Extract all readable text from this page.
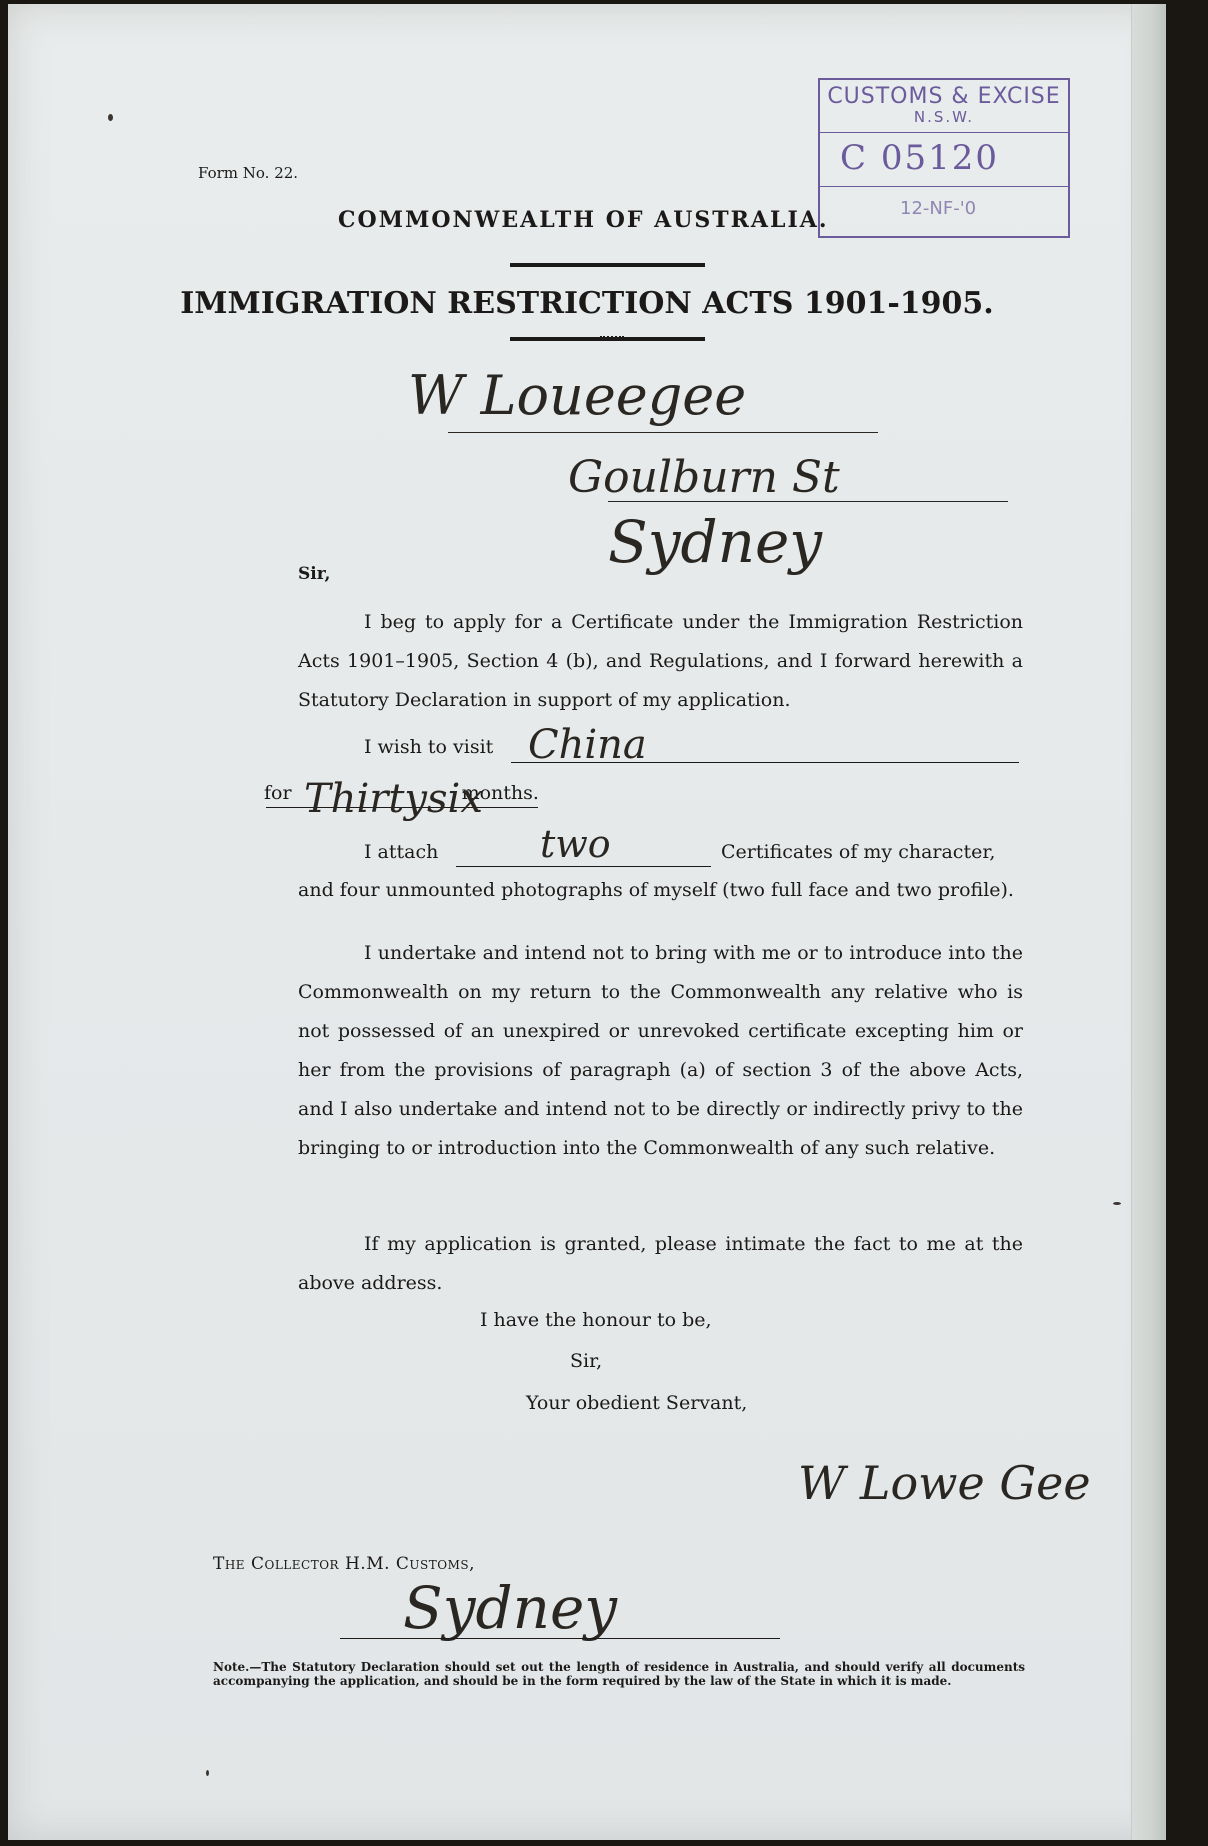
Form No. 22.
COMMONWEALTH OF AUSTRALIA.
CUSTOMS & EXCISE
N.S.W.
C 05120
12-NF-'0
IMMIGRATION RESTRICTION ACTS 1901-1905.
W Loueegee
Goulburn St
Sydney
Sir,
I beg to apply for a Certificate under the Immigration Restriction Acts 1901–1905, Section 4 (b), and Regulations, and I forward herewith a Statutory Declaration in support of my application.
I wish to visit China
for	months.
Thirtysix
I attach	two	Certificates of my character,
and four unmounted photographs of myself (two full face and two profile).
I undertake and intend not to bring with me or to introduce into the Commonwealth on my return to the Commonwealth any relative who is not possessed of an unexpired or unrevoked certificate excepting him or her from the provisions of paragraph (a) of section 3 of the above Acts, and I also undertake and intend not to be directly or indirectly privy to the bringing to or introduction into the Commonwealth of any such relative.
If my application is granted, please intimate the fact to me at the above address.
I have the honour to be,
Sir,
Your obedient Servant,
W Lowe Gee
The Collector H.M. Customs,
Sydney
Note.—The Statutory Declaration should set out the length of residence in Australia, and should verify all documents accompanying the application, and should be in the form required by the law of the State in which it is made.
